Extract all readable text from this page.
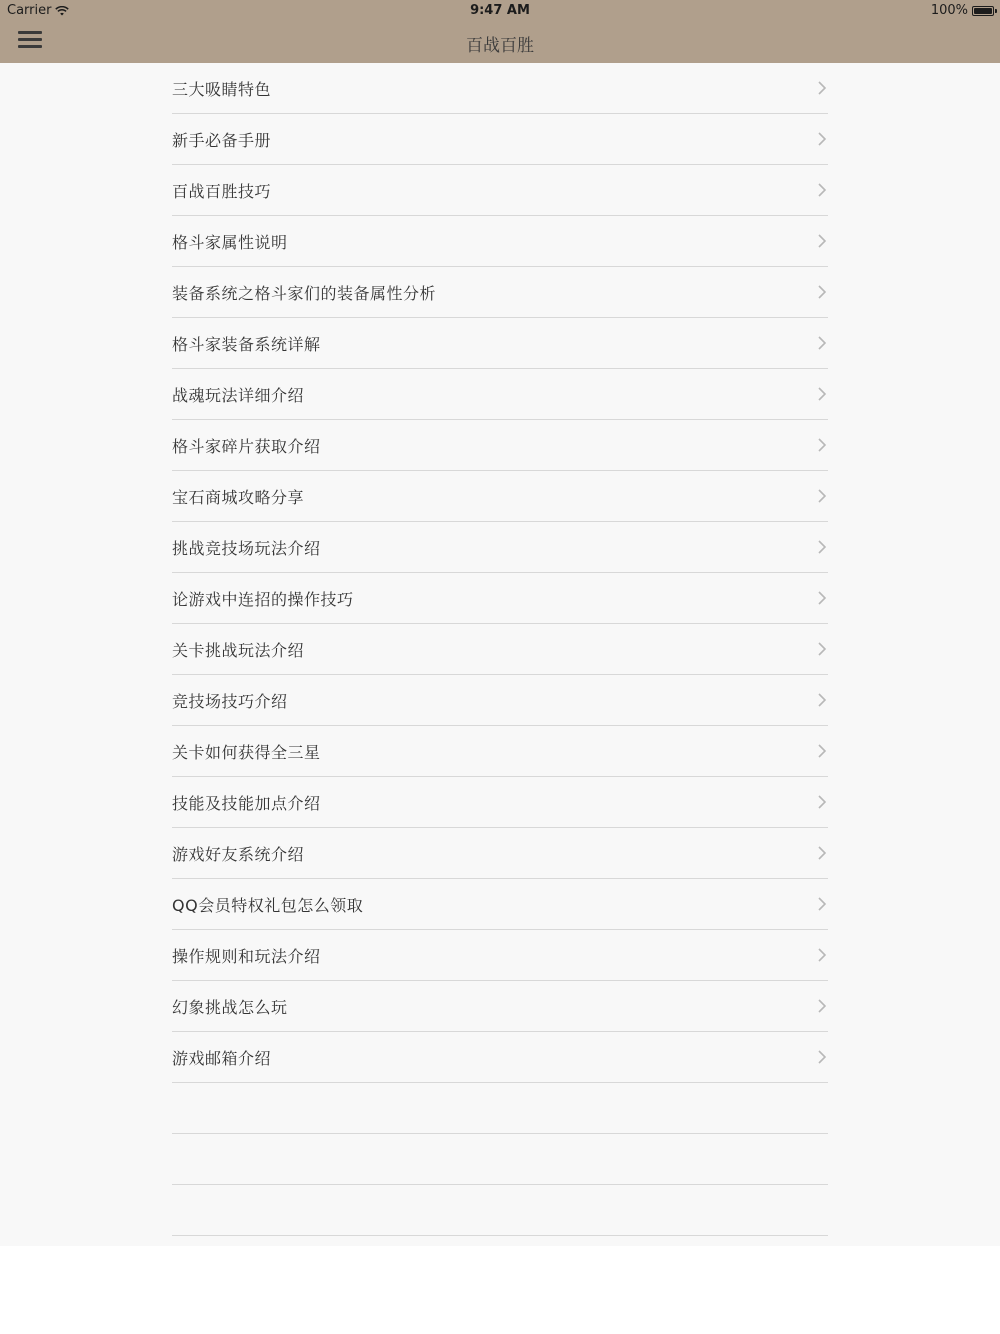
Carrier	9:47 AM	100%
百战百胜
三大吸睛特色
新手必备手册
百战百胜技巧
格斗家属性说明
装备系统之格斗家们的装备属性分析
格斗家装备系统详解
战魂玩法详细介绍
格斗家碎片获取介绍
宝石商城攻略分享
挑战竞技场玩法介绍
论游戏中连招的操作技巧
关卡挑战玩法介绍
竞技场技巧介绍
关卡如何获得全三星
技能及技能加点介绍
游戏好友系统介绍
QQ会员特权礼包怎么领取
操作规则和玩法介绍
幻象挑战怎么玩
游戏邮箱介绍
